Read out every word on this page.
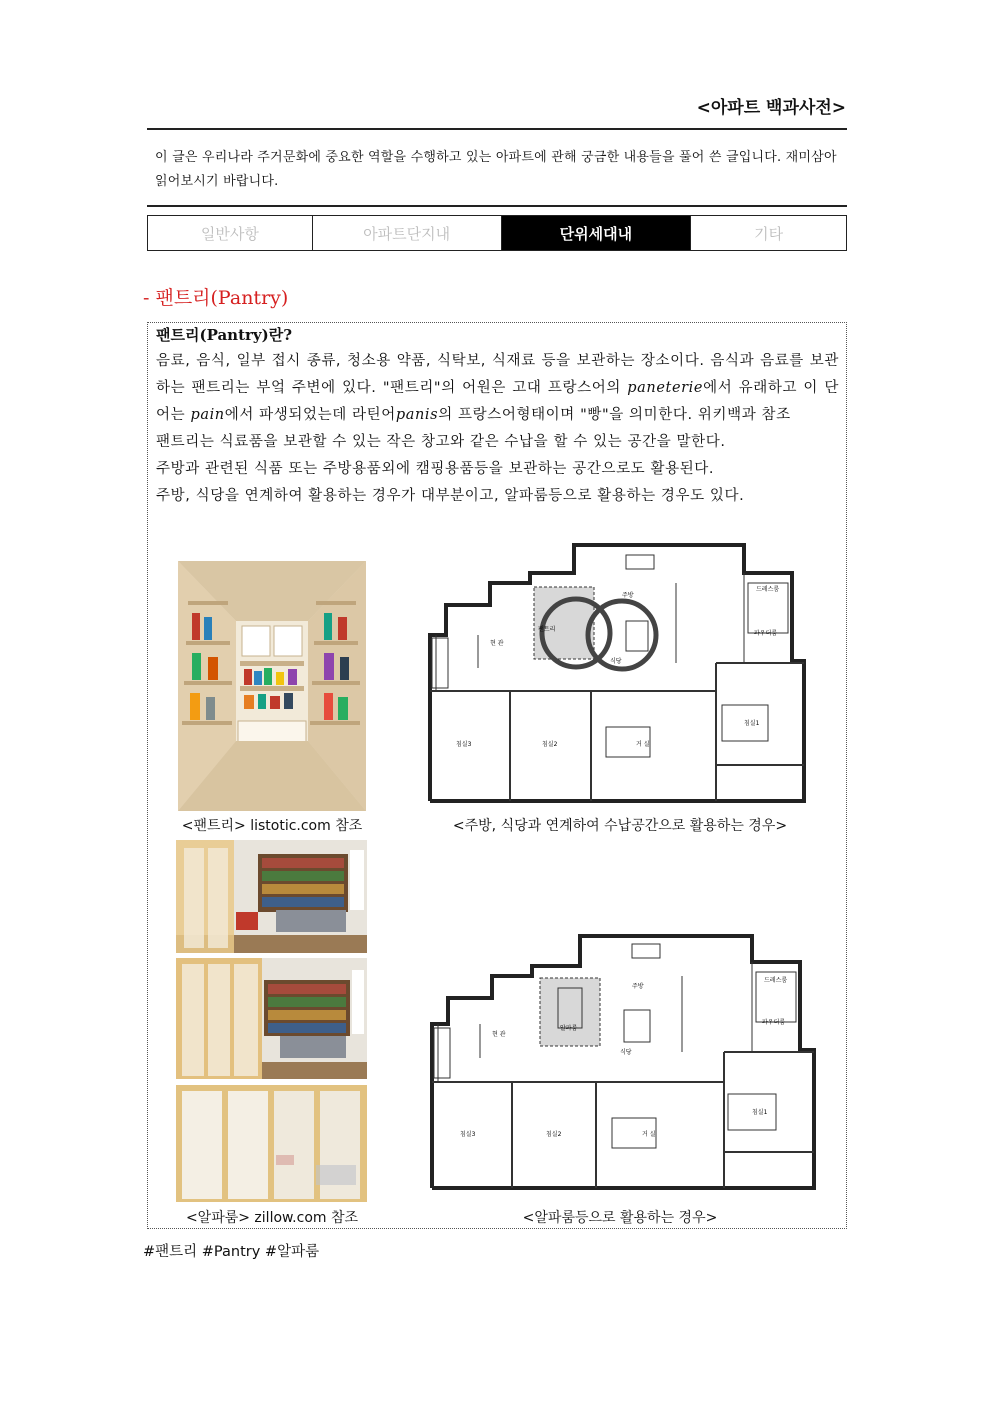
<아파트 백과사전>
이 글은 우리나라 주거문화에 중요한 역할을 수행하고 있는 아파트에 관해 궁금한 내용들을 풀어 쓴 글입니다. 재미삼아 읽어보시기 바랍니다.
일반사항	아파트단지내	단위세대내	기타
- 팬트리(Pantry)
팬트리(Pantry)란?

음료, 음식, 일부 접시 종류, 청소용 약품, 식탁보, 식재료 등을 보관하는 장소이다. 음식과 음료를 보관하는 팬트리는 부엌 주변에 있다. "팬트리"의 어원은 고대 프랑스어의 paneterie에서 유래하고 이 단어는 pain에서 파생되었는데 라틴어panis의 프랑스어형태이며 "빵"을 의미한다. 위키백과 참조

팬트리는 식료품을 보관할 수 있는 작은 창고와 같은 수납을 할 수 있는 공간을 말한다.

주방과 관련된 식품 또는 주방용품외에 캠핑용품등을 보관하는 공간으로도 활용된다.

주방, 식당을 연계하여 활용하는 경우가 대부분이고, 알파룸등으로 활용하는 경우도 있다.

<팬트리> listotic.com 참조
드레스룸
파우더룸
주방
식당
팬트리
현 관
침실3	침실2	거 실
침실1
<주방, 식당과 연계하여 수납공간으로 활용하는 경우>
<알파룸> zillow.com 참조
드레스룸
파우더룸
주방
식당
알파룸
현 관
침실3	침실2	거 실
침실1
<알파룸등으로 활용하는 경우>
#팬트리 #Pantry #알파룸
